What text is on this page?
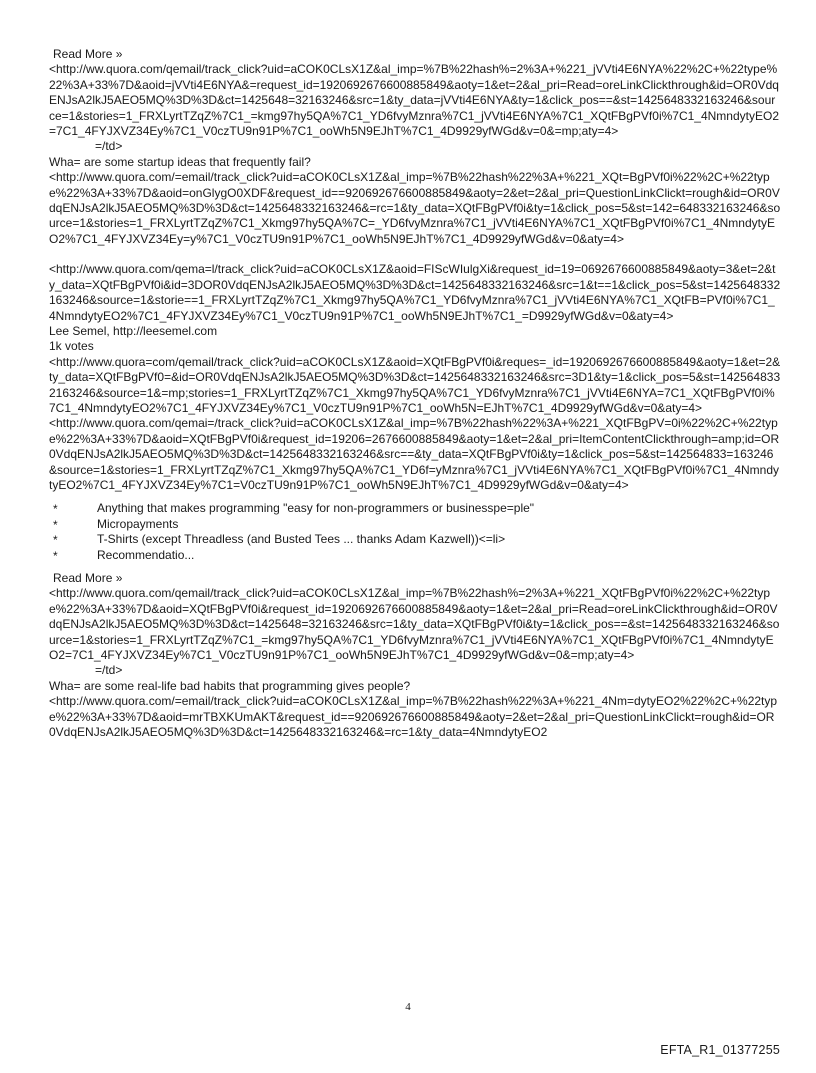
Read More »
<http://ww.quora.com/qemail/track_click?uid=aCOK0CLsX1Z&al_imp=%7B%22hash%=2%3A+%221_jVVti4E6NYA%22%2C+%22type%22%3A+33%7D&aoid=jVVti4E6NYA&=request_id=1920692676600885849&aoty=1&et=2&al_pri=Read=oreLinkClickthrough&id=OR0VdqENJsA2lkJ5AEO5MQ%3D%3D&ct=1425648=32163246&src=1&ty_data=jVVti4E6NYA&ty=1&click_pos==&st=1425648332163246&source=1&stories=1_FRXLyrtTZqZ%7C1_=kmg97hy5QA%7C1_YD6fvyMznra%7C1_jVVti4E6NYA%7C1_XQtFBgPVf0i%7C1_4NmndytyEO2=7C1_4FYJXVZ34Ey%7C1_V0czTU9n91P%7C1_ooWh5N9EJhT%7C1_4D9929yfWGd&v=0&=mp;aty=4>
=/td>
Wha= are some startup ideas that frequently fail?
<http://www.quora.com/=email/track_click?uid=aCOK0CLsX1Z&al_imp=%7B%22hash%22%3A+%221_XQt=BgPVf0i%22%2C+%22type%22%3A+33%7D&aoid=onGlygO0XDF&request_id==920692676600885849&aoty=2&et=2&al_pri=QuestionLinkClickt=rough&id=OR0VdqENJsA2lkJ5AEO5MQ%3D%3D&ct=1425648332163246&=rc=1&ty_data=XQtFBgPVf0i&ty=1&click_pos=5&st=142=648332163246&source=1&stories=1_FRXLyrtTZqZ%7C1_Xkmg97hy5QA%7C=_YD6fvyMznra%7C1_jVVti4E6NYA%7C1_XQtFBgPVf0i%7C1_4NmndytyEO2%7C1_4FYJXVZ34Ey=y%7C1_V0czTU9n91P%7C1_ooWh5N9EJhT%7C1_4D9929yfWGd&v=0&aty=4>
<http://www.quora.com/qema=l/track_click?uid=aCOK0CLsX1Z&aoid=FIScWIulgXi&request_id=19=0692676600885849&aoty=3&et=2&ty_data=XQtFBgPVf0i&id=3DOR0VdqENJsA2lkJ5AEO5MQ%3D%3D&ct=1425648332163246&src=1&t==1&click_pos=5&st=1425648332163246&source=1&storie==1_FRXLyrtTZqZ%7C1_Xkmg97hy5QA%7C1_YD6fvyMznra%7C1_jVVti4E6NYA%7C1_XQtFB=PVf0i%7C1_4NmndytyEO2%7C1_4FYJXVZ34Ey%7C1_V0czTU9n91P%7C1_ooWh5N9EJhT%7C1_=D9929yfWGd&v=0&aty=4>
Lee Semel, http://leesemel.com
1k votes
<http://www.quora=com/qemail/track_click?uid=aCOK0CLsX1Z&aoid=XQtFBgPVf0i&reques=_id=1920692676600885849&aoty=1&et=2&ty_data=XQtFBgPVf0=&id=OR0VdqENJsA2lkJ5AEO5MQ%3D%3D&ct=1425648332163246&src=3D1&ty=1&click_pos=5&st=1425648332163246&source=1&=mp;stories=1_FRXLyrtTZqZ%7C1_Xkmg97hy5QA%7C1_YD6fvyMznra%7C1_jVVti4E6NYA=7C1_XQtFBgPVf0i%7C1_4NmndytyEO2%7C1_4FYJXVZ34Ey%7C1_V0czTU9n91P%7C1_ooWh5N=EJhT%7C1_4D9929yfWGd&v=0&aty=4>
<http://www.quora.com/qemai=/track_click?uid=aCOK0CLsX1Z&al_imp=%7B%22hash%22%3A+%221_XQtFBgPV=0i%22%2C+%22type%22%3A+33%7D&aoid=XQtFBgPVf0i&request_id=19206=2676600885849&aoty=1&et=2&al_pri=ItemContentClickthrough=amp;id=OR0VdqENJsA2lkJ5AEO5MQ%3D%3D&ct=1425648332163246&src==&ty_data=XQtFBgPVf0i&ty=1&click_pos=5&st=142564833=163246&source=1&stories=1_FRXLyrtTZqZ%7C1_Xkmg97hy5QA%7C1_YD6f=yMznra%7C1_jVVti4E6NYA%7C1_XQtFBgPVf0i%7C1_4NmndytyEO2%7C1_4FYJXVZ34Ey%7C1=V0czTU9n91P%7C1_ooWh5N9EJhT%7C1_4D9929yfWGd&v=0&aty=4>
*	Anything that makes programming "easy for non-programmers or businesspe=ple"
*	Micropayments
*	T-Shirts (except Threadless (and Busted Tees ... thanks Adam Kazwell))<=li>
*	Recommendatio...
Read More »
<http://www.quora.com/qemail/track_click?uid=aCOK0CLsX1Z&al_imp=%7B%22hash%=2%3A+%221_XQtFBgPVf0i%22%2C+%22type%22%3A+33%7D&aoid=XQtFBgPVf0i&request_id=1920692676600885849&aoty=1&et=2&al_pri=Read=oreLinkClickthrough&id=OR0VdqENJsA2lkJ5AEO5MQ%3D%3D&ct=1425648=32163246&src=1&ty_data=XQtFBgPVf0i&ty=1&click_pos==&st=1425648332163246&source=1&stories=1_FRXLyrtTZqZ%7C1_=kmg97hy5QA%7C1_YD6fvyMznra%7C1_jVVti4E6NYA%7C1_XQtFBgPVf0i%7C1_4NmndytyEO2=7C1_4FYJXVZ34Ey%7C1_V0czTU9n91P%7C1_ooWh5N9EJhT%7C1_4D9929yfWGd&v=0&=mp;aty=4>
=/td>
Wha= are some real-life bad habits that programming gives people?
<http://www.quora.com/=email/track_click?uid=aCOK0CLsX1Z&al_imp=%7B%22hash%22%3A+%221_4Nm=dytyEO2%22%2C+%22type%22%3A+33%7D&aoid=mrTBXKUmAKT&request_id==920692676600885849&aoty=2&et=2&al_pri=QuestionLinkClickt=rough&id=OR0VdqENJsA2lkJ5AEO5MQ%3D%3D&ct=1425648332163246&=rc=1&ty_data=4NmndytyEO2
4
EFTA_R1_01377255
